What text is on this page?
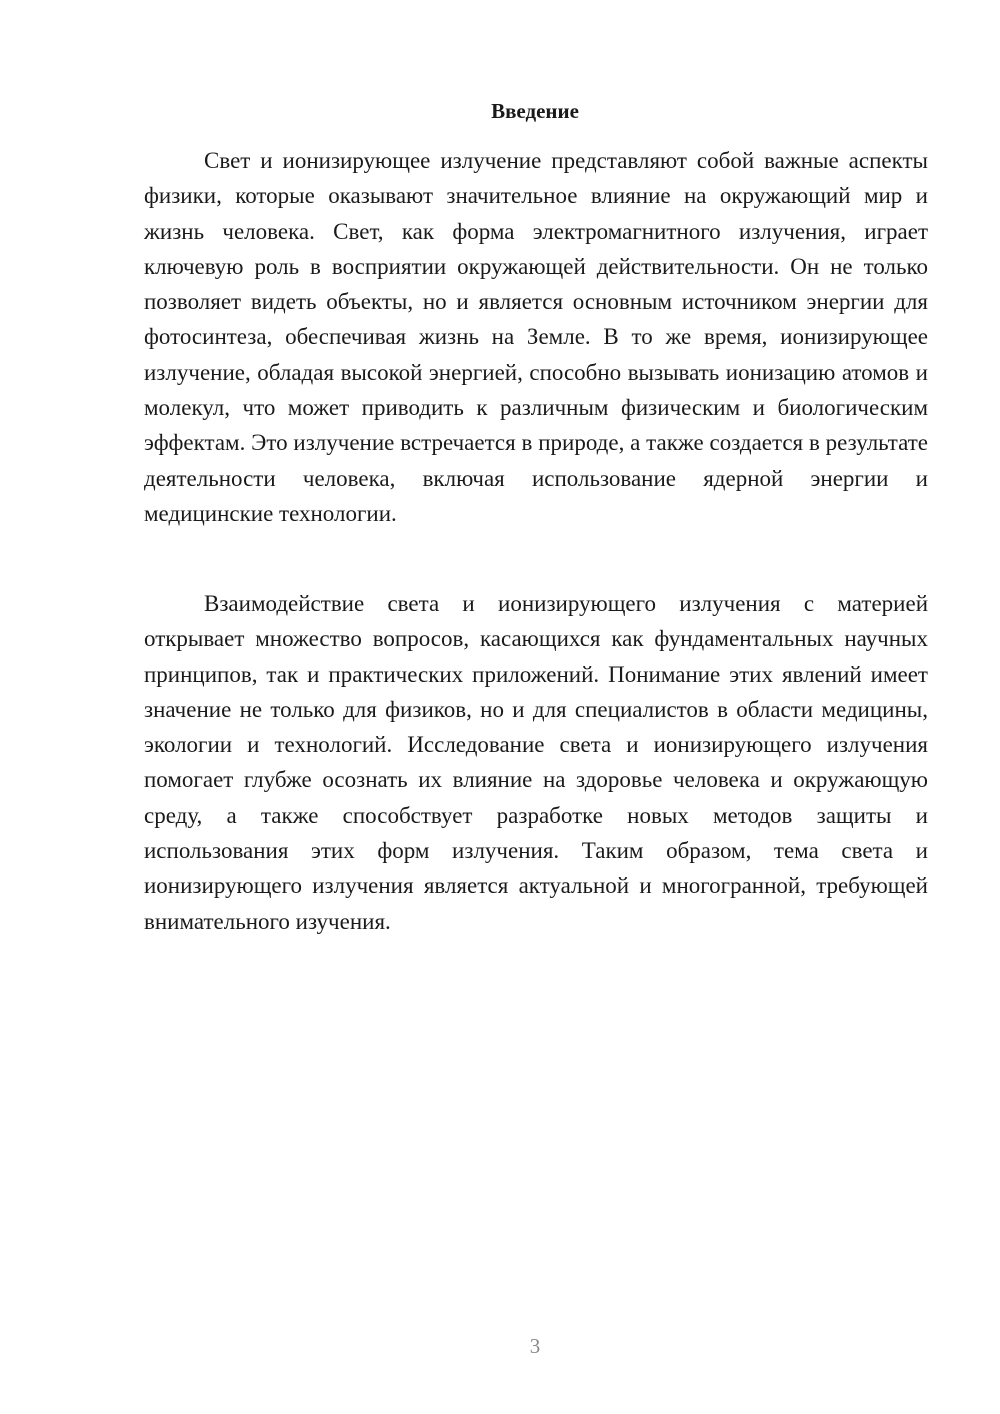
Введение

Свет и ионизирующее излучение представляют собой важные аспекты физики, которые оказывают значительное влияние на окружающий мир и жизнь человека. Свет, как форма электромагнитного излучения, играет ключевую роль в восприятии окружающей действительности. Он не только позволяет видеть объекты, но и является основным источником энергии для фотосинтеза, обеспечивая жизнь на Земле. В то же время, ионизирующее излучение, обладая высокой энергией, способно вызывать ионизацию атомов и молекул, что может приводить к различным физическим и биологическим эффектам. Это излучение встречается в природе, а также создается в результате деятельности человека, включая использование ядерной энергии и медицинские технологии.

Взаимодействие света и ионизирующего излучения с материей открывает множество вопросов, касающихся как фундаментальных научных принципов, так и практических приложений. Понимание этих явлений имеет значение не только для физиков, но и для специалистов в области медицины, экологии и технологий. Исследование света и ионизирующего излучения помогает глубже осознать их влияние на здоровье человека и окружающую среду, а также способствует разработке новых методов защиты и использования этих форм излучения. Таким образом, тема света и ионизирующего излучения является актуальной и многогранной, требующей внимательного изучения.

3
